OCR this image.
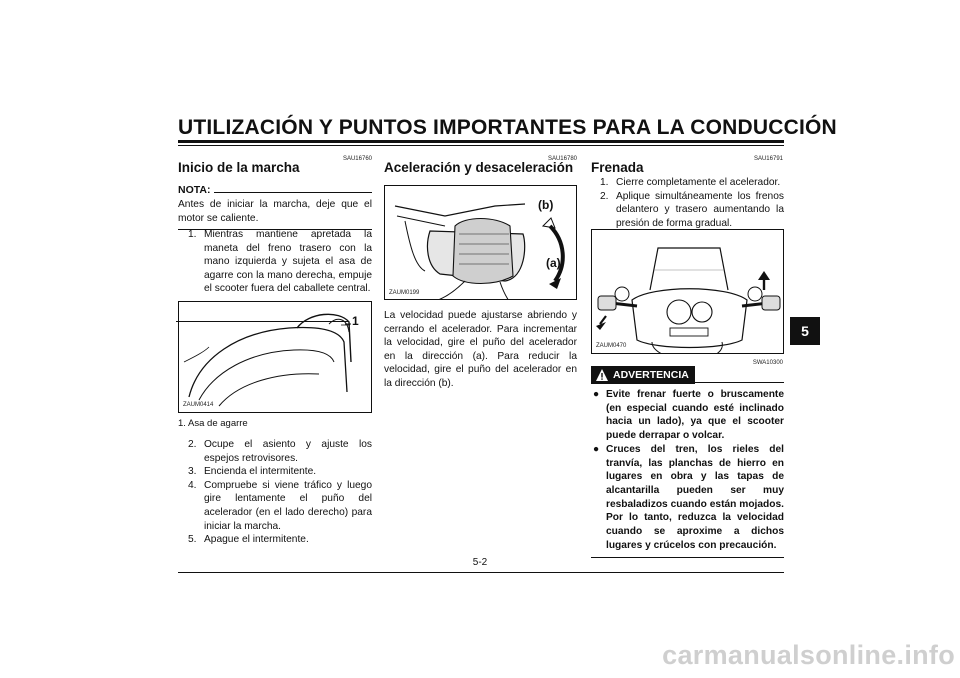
UTILIZACIÓN Y PUNTOS IMPORTANTES PARA LA CONDUCCIÓN
5
SAU16760
Inicio de la marcha
NOTA:
Antes de iniciar la marcha, deje que el motor se caliente.
1. Mientras mantiene apretada la maneta del freno trasero con la mano izquierda y sujeta el asa de agarre con la mano derecha, empuje el scooter fuera del caballete central.
ZAUM0414
1
1. Asa de agarre
2. Ocupe el asiento y ajuste los espejos retrovisores.
3. Encienda el intermitente.
4. Compruebe si viene tráfico y luego gire lentamente el puño del acelerador (en el lado derecho) para iniciar la marcha.
5. Apague el intermitente.
SAU16780
Aceleración y desaceleración
ZAUM0199
(b)
(a)
La velocidad puede ajustarse abriendo y cerrando el acelerador. Para incrementar la velocidad, gire el puño del acelerador en la dirección (a). Para reducir la velocidad, gire el puño del acelerador en la dirección (b).
SAU16791
Frenada
1. Cierre completamente el acelerador.
2. Aplique simultáneamente los frenos delantero y trasero aumentando la presión de forma gradual.
ZAUM0470
SWA10300
ADVERTENCIA
● Evite frenar fuerte o bruscamente (en especial cuando esté inclinado hacia un lado), ya que el scooter puede derrapar o volcar.
● Cruces del tren, los rieles del tranvía, las planchas de hierro en lugares en obra y las tapas de alcantarilla pueden ser muy resbaladizos cuando están mojados. Por lo tanto, reduzca la velocidad cuando se aproxime a dichos lugares y crúcelos con precaución.
5-2
carmanualsonline.info
